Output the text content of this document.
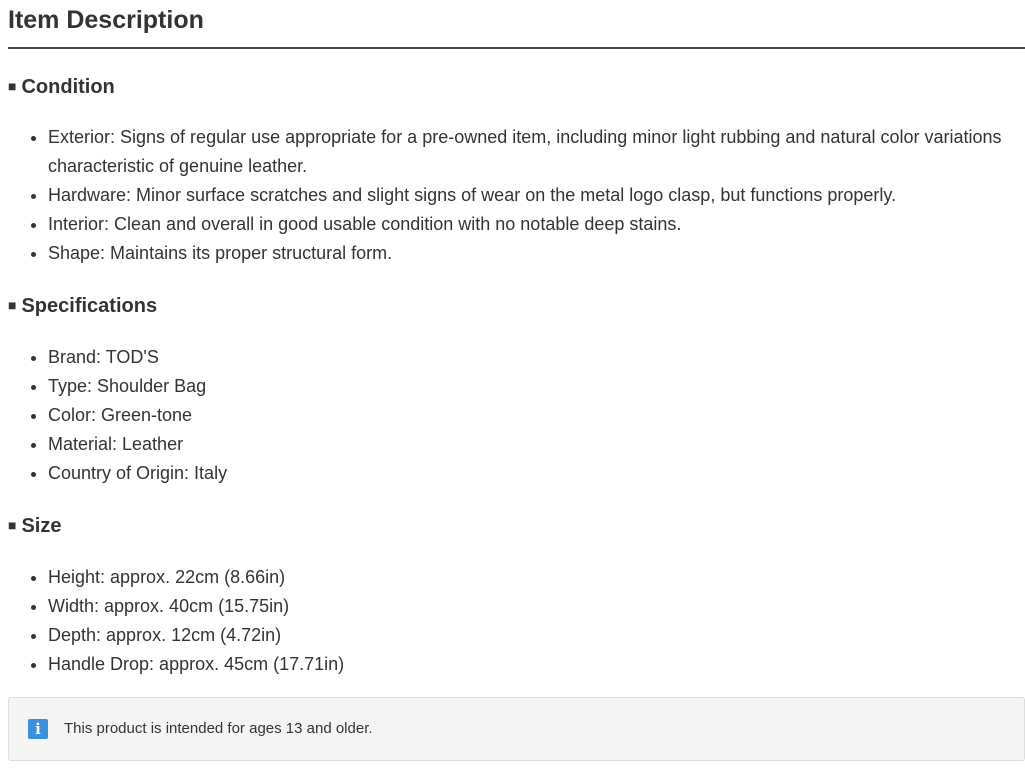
Item Description
■ Condition
• Exterior: Signs of regular use appropriate for a pre-owned item, including minor light rubbing and natural color variations characteristic of genuine leather.
• Hardware: Minor surface scratches and slight signs of wear on the metal logo clasp, but functions properly.
• Interior: Clean and overall in good usable condition with no notable deep stains.
• Shape: Maintains its proper structural form.
■ Specifications
• Brand: TOD'S
• Type: Shoulder Bag
• Color: Green-tone
• Material: Leather
• Country of Origin: Italy
■ Size
• Height: approx. 22cm (8.66in)
• Width: approx. 40cm (15.75in)
• Depth: approx. 12cm (4.72in)
• Handle Drop: approx. 45cm (17.71in)
i	This product is intended for ages 13 and older.
